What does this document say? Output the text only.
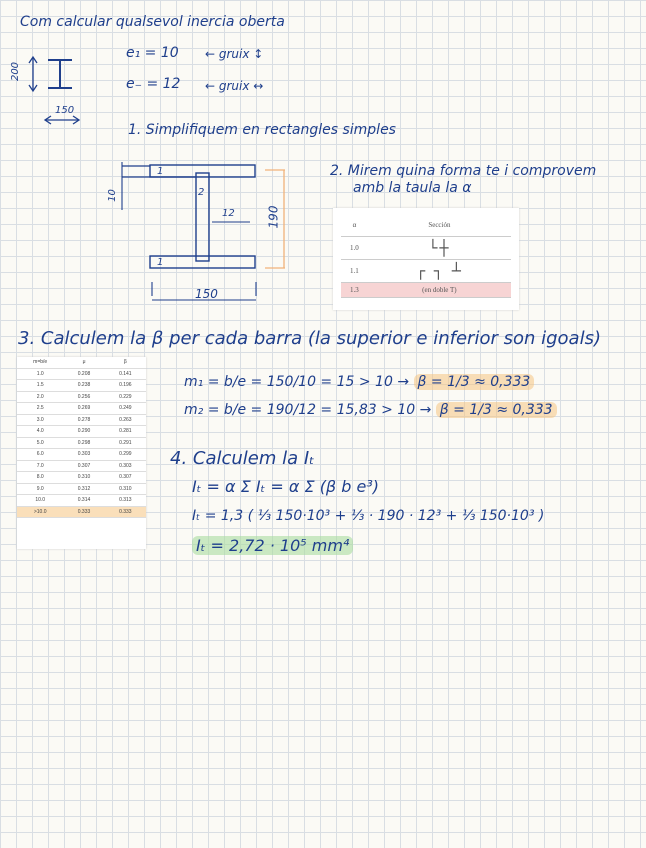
Com calcular qualsevol inercia oberta
200
150
e₁ = 10 ← gruix ↕
e₋ = 12 ← gruix ↔
1. Simplifiquem en rectangles simples
10
1
2
12	190
1
150
2. Mirem quina forma te i comprovem
amb la taula la α
α	Sección
1.0	└┼
1.1	┌ ┐ ┴
1.3	(en doble T)
3. Calculem la β per cada barra (la superior e inferior son igoals)
m=b/e	μ	β
1.0	0.208	0.141
1.5	0.238	0.196
2.0	0.256	0.229
2.5	0.269	0.249
3.0	0.278	0.263
4.0	0.290	0.281
5.0	0.298	0.291
6.0	0.303	0.299
7.0	0.307	0.303
8.0	0.310	0.307
9.0	0.312	0.310
10.0	0.314	0.313
>10.0	0.333	0.333
m₁ = b/e = 150/10 = 15 > 10 → β = 1/3 ≈ 0,333
m₂ = b/e = 190/12 = 15,83 > 10 → β = 1/3 ≈ 0,333
4. Calculem la Iₜ
Iₜ = α Σ Iₜ = α Σ (β b e³)
Iₜ = 1,3 ( ⅓ 150·10³ + ⅓ · 190 · 12³ + ⅓ 150·10³ )
Iₜ = 2,72 · 10⁵ mm⁴
